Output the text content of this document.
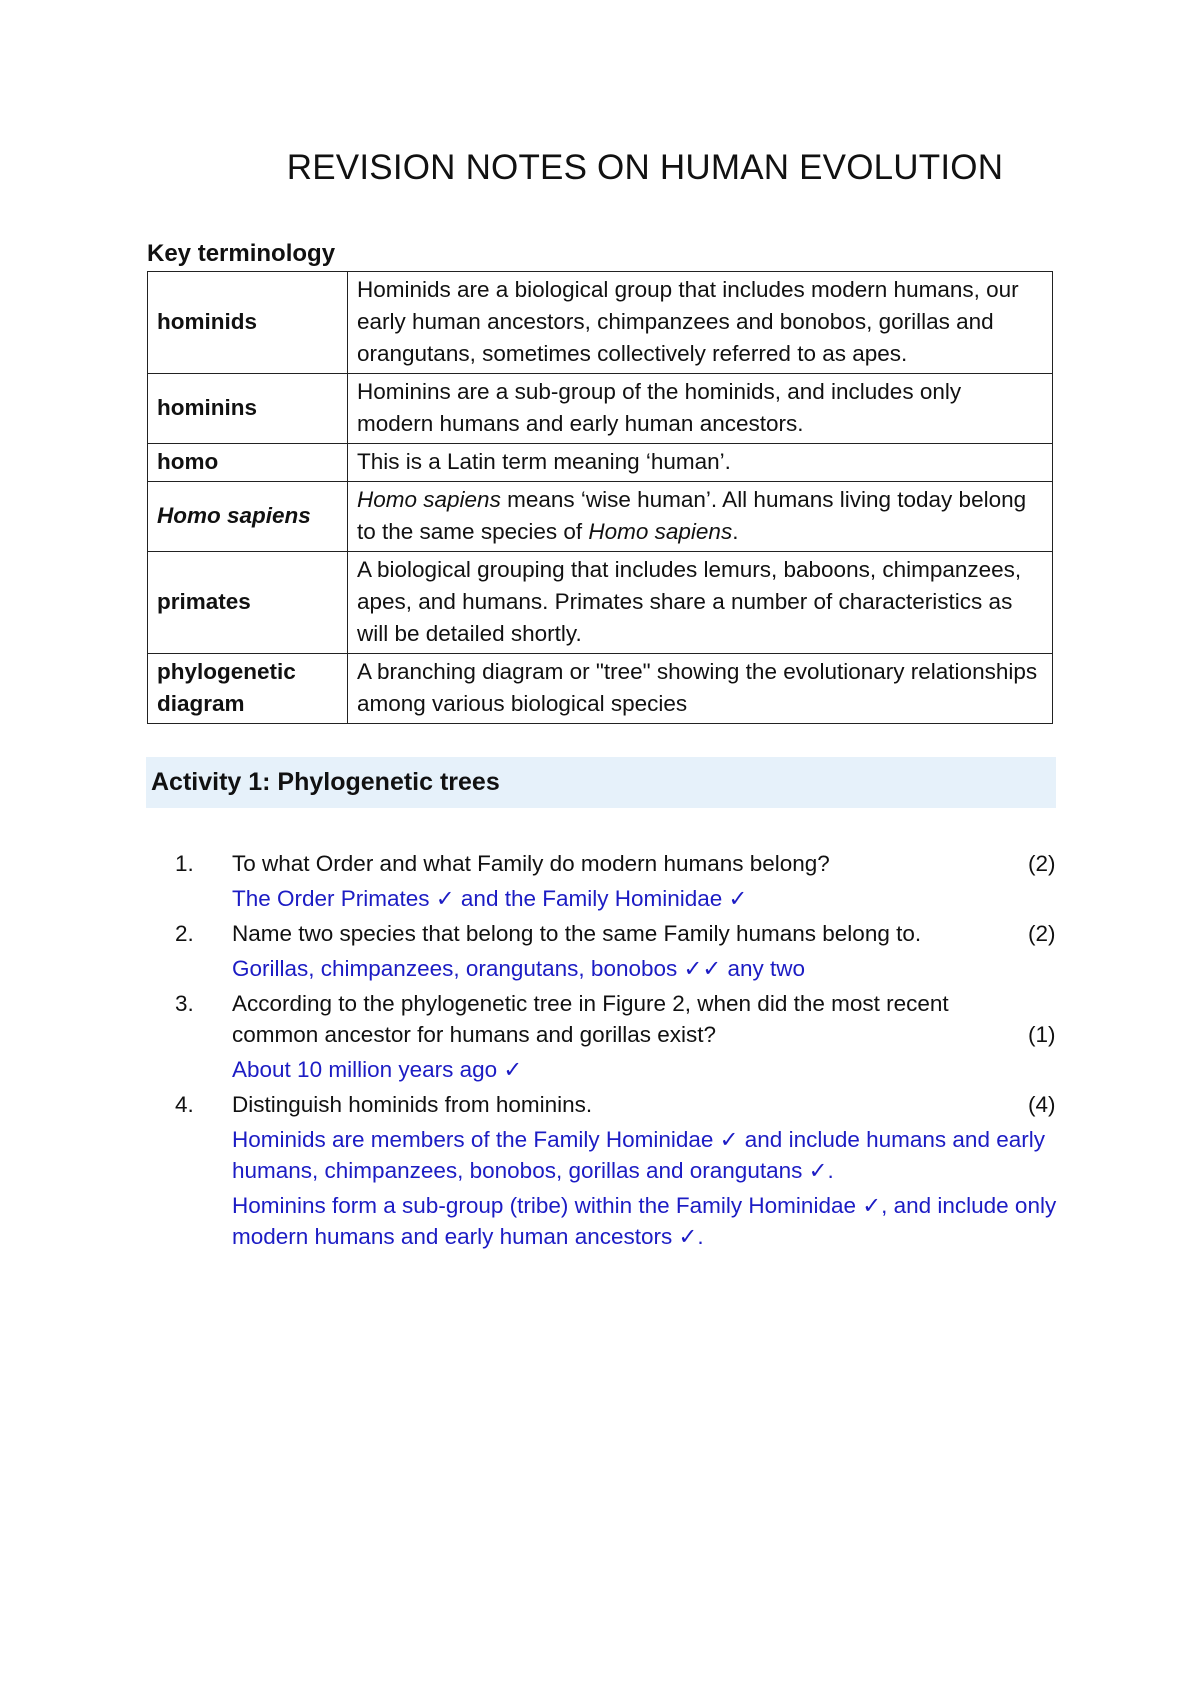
REVISION NOTES ON HUMAN EVOLUTION
Key terminology
hominids	Hominids are a biological group that includes modern humans, our early human ancestors, chimpanzees and bonobos, gorillas and orangutans, sometimes collectively referred to as apes.
hominins	Hominins are a sub-group of the hominids, and includes only modern humans and early human ancestors.
homo	This is a Latin term meaning ‘human’.
Homo sapiens	Homo sapiens means ‘wise human’. All humans living today belong to the same species of Homo sapiens.
primates	A biological grouping that includes lemurs, baboons, chimpanzees, apes, and humans. Primates share a number of characteristics as will be detailed shortly.
phylogenetic diagram	A branching diagram or "tree" showing the evolutionary relationships among various biological species
Activity 1: Phylogenetic trees
1.	(2)
To what Order and what Family do modern humans belong?
The Order Primates ✓ and the Family Hominidae ✓
2.	(2)
Name two species that belong to the same Family humans belong to.
Gorillas, chimpanzees, orangutans, bonobos ✓✓ any two
3.
(1)
According to the phylogenetic tree in Figure 2, when did the most recent common ancestor for humans and gorillas exist?
About 10 million years ago ✓
4.	(4)
Distinguish hominids from hominins.
Hominids are members of the Family Hominidae ✓ and include humans and early humans, chimpanzees, bonobos, gorillas and orangutans ✓.
Hominins form a sub-group (tribe) within the Family Hominidae ✓, and include only modern humans and early human ancestors ✓.
